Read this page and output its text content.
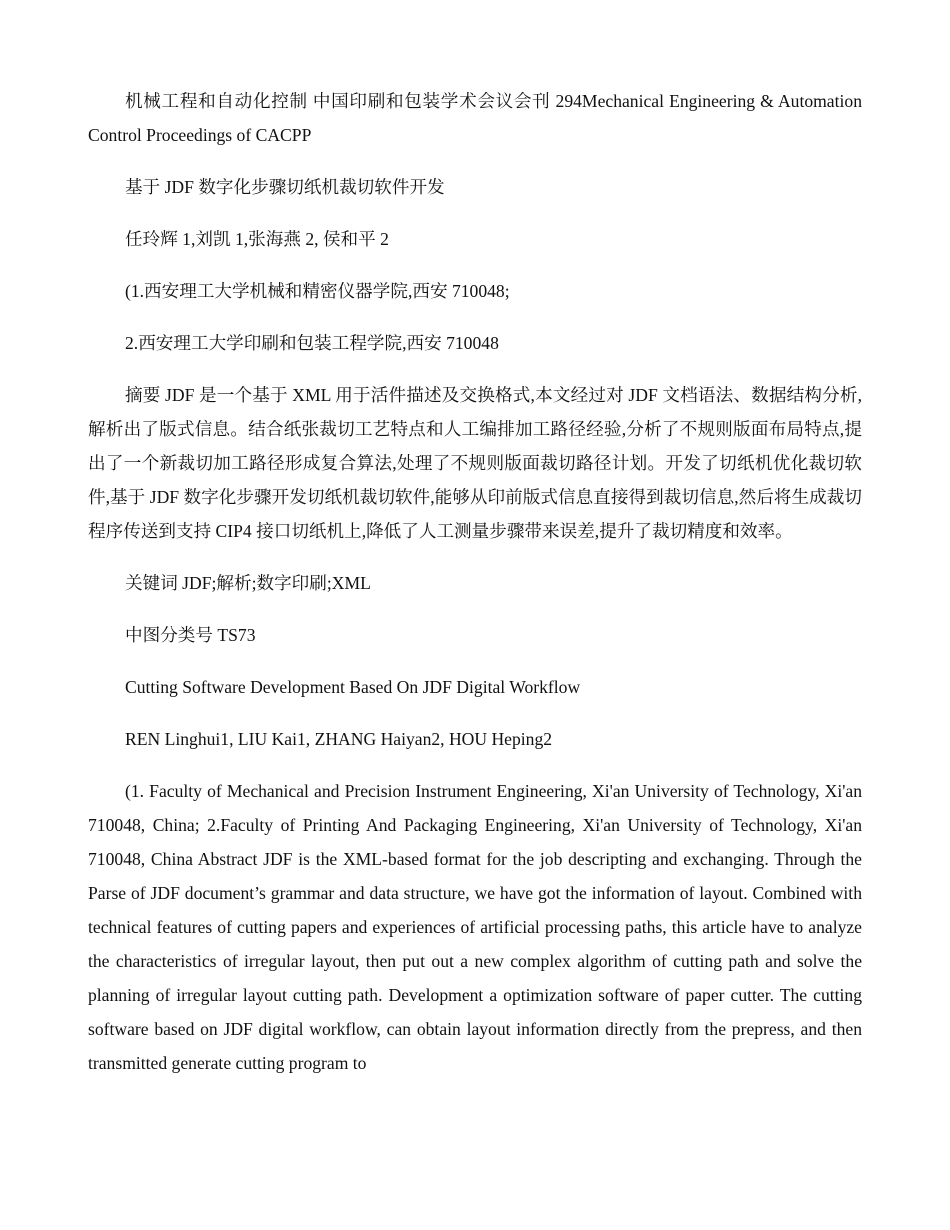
机械工程和自动化控制 中国印刷和包装学术会议会刊 294Mechanical Engineering & Automation Control Proceedings of CACPP

基于 JDF 数字化步骤切纸机裁切软件开发

任玲辉 1,刘凯 1,张海燕 2, 侯和平 2

(1.西安理工大学机械和精密仪器学院,西安 710048;

2.西安理工大学印刷和包装工程学院,西安 710048

摘要 JDF 是一个基于 XML 用于活件描述及交换格式,本文经过对 JDF 文档语法、数据结构分析,解析出了版式信息。结合纸张裁切工艺特点和人工编排加工路径经验,分析了不规则版面布局特点,提出了一个新裁切加工路径形成复合算法,处理了不规则版面裁切路径计划。开发了切纸机优化裁切软件,基于 JDF 数字化步骤开发切纸机裁切软件,能够从印前版式信息直接得到裁切信息,然后将生成裁切程序传送到支持 CIP4 接口切纸机上,降低了人工测量步骤带来误差,提升了裁切精度和效率。

关键词 JDF;解析;数字印刷;XML

中图分类号 TS73

Cutting Software Development Based On JDF Digital Workflow

REN Linghui1, LIU Kai1, ZHANG Haiyan2, HOU Heping2

(1. Faculty of Mechanical and Precision Instrument Engineering, Xi'an University of Technology, Xi'an 710048, China; 2.Faculty of Printing And Packaging Engineering, Xi'an University of Technology, Xi'an 710048, China Abstract JDF is the XML-based format for the job descripting and exchanging. Through the Parse of JDF document’s grammar and data structure, we have got the information of layout. Combined with technical features of cutting papers and experiences of artificial processing paths, this article have to analyze the characteristics of irregular layout, then put out a new complex algorithm of cutting path and solve the planning of irregular layout cutting path. Development a optimization software of paper cutter. The cutting software based on JDF digital workflow, can obtain layout information directly from the prepress, and then transmitted generate cutting program to
